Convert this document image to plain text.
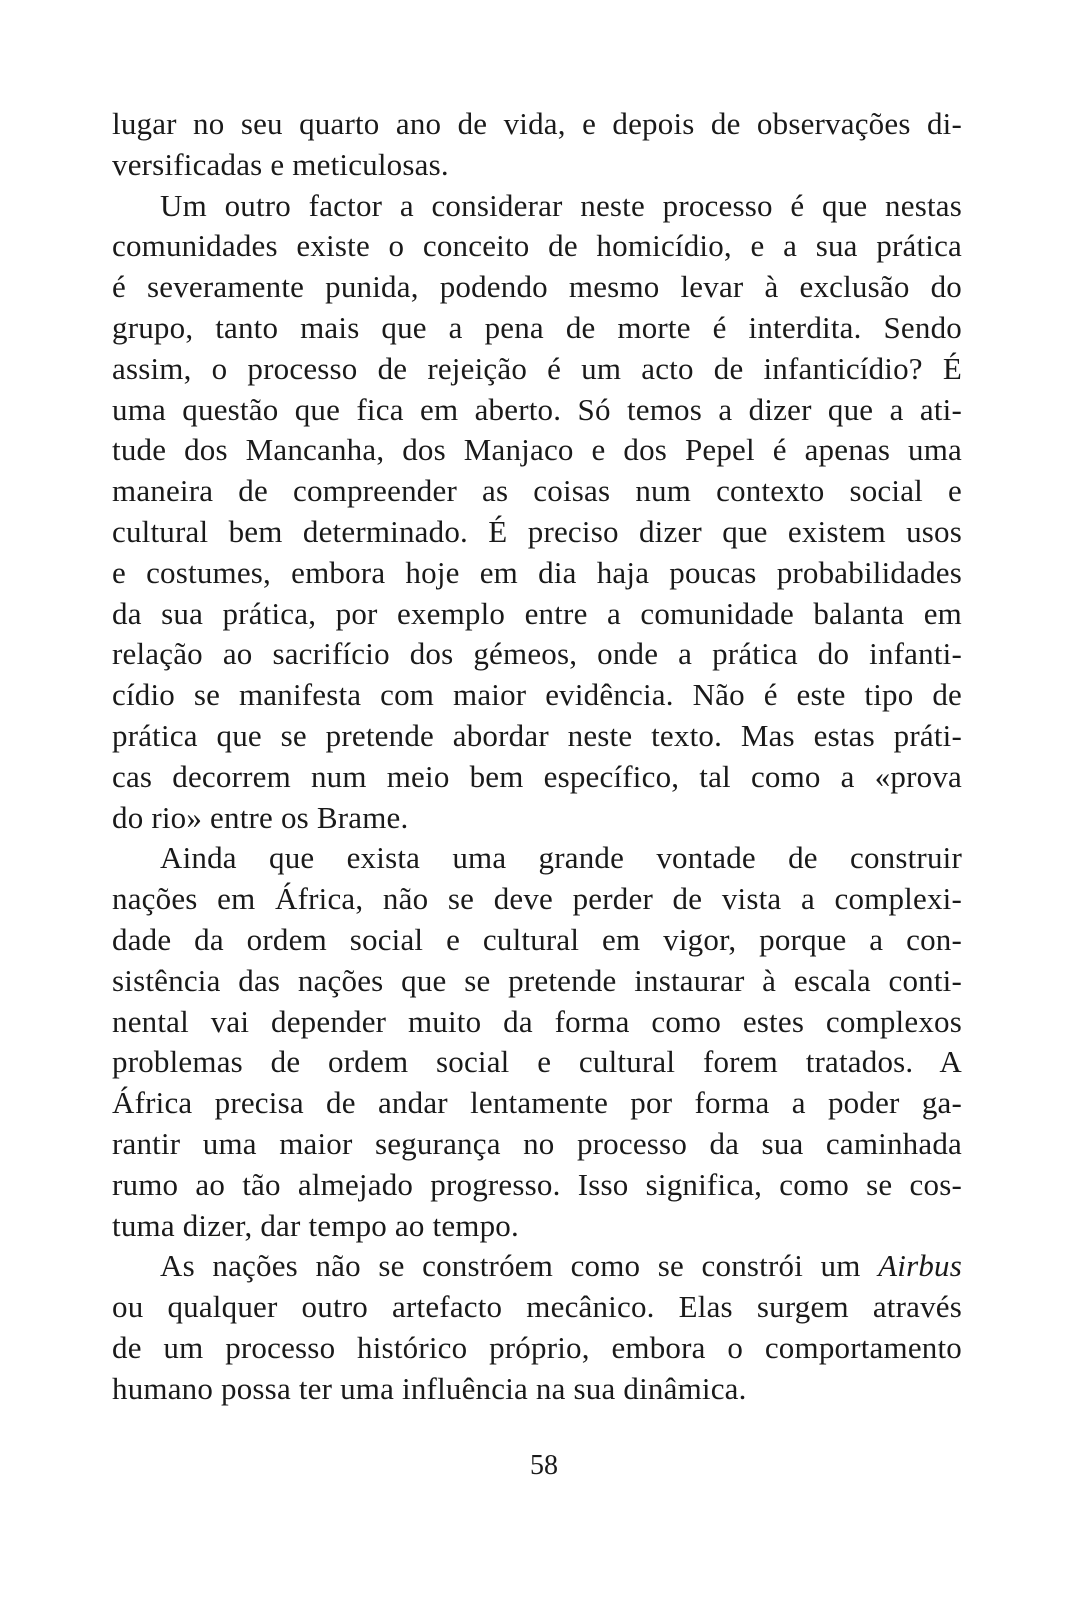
lugar no seu quarto ano de vida, e depois de observações di-
versificadas e meticulosas.
Um outro factor a considerar neste processo é que nestas
comunidades existe o conceito de homicídio, e a sua prática
é severamente punida, podendo mesmo levar à exclusão do
grupo, tanto mais que a pena de morte é interdita. Sendo
assim, o processo de rejeição é um acto de infanticídio? É
uma questão que fica em aberto. Só temos a dizer que a ati-
tude dos Mancanha, dos Manjaco e dos Pepel é apenas uma
maneira de compreender as coisas num contexto social e
cultural bem determinado. É preciso dizer que existem usos
e costumes, embora hoje em dia haja poucas probabilidades
da sua prática, por exemplo entre a comunidade balanta em
relação ao sacrifício dos gémeos, onde a prática do infanti-
cídio se manifesta com maior evidência. Não é este tipo de
prática que se pretende abordar neste texto. Mas estas práti-
cas decorrem num meio bem específico, tal como a «prova
do rio» entre os Brame.
Ainda que exista uma grande vontade de construir
nações em África, não se deve perder de vista a complexi-
dade da ordem social e cultural em vigor, porque a con-
sistência das nações que se pretende instaurar à escala conti-
nental vai depender muito da forma como estes complexos
problemas de ordem social e cultural forem tratados. A
África precisa de andar lentamente por forma a poder ga-
rantir uma maior segurança no processo da sua caminhada
rumo ao tão almejado progresso. Isso significa, como se cos-
tuma dizer, dar tempo ao tempo.
As nações não se constróem como se constrói um Airbus
ou qualquer outro artefacto mecânico. Elas surgem através
de um processo histórico próprio, embora o comportamento
humano possa ter uma influência na sua dinâmica.
58
